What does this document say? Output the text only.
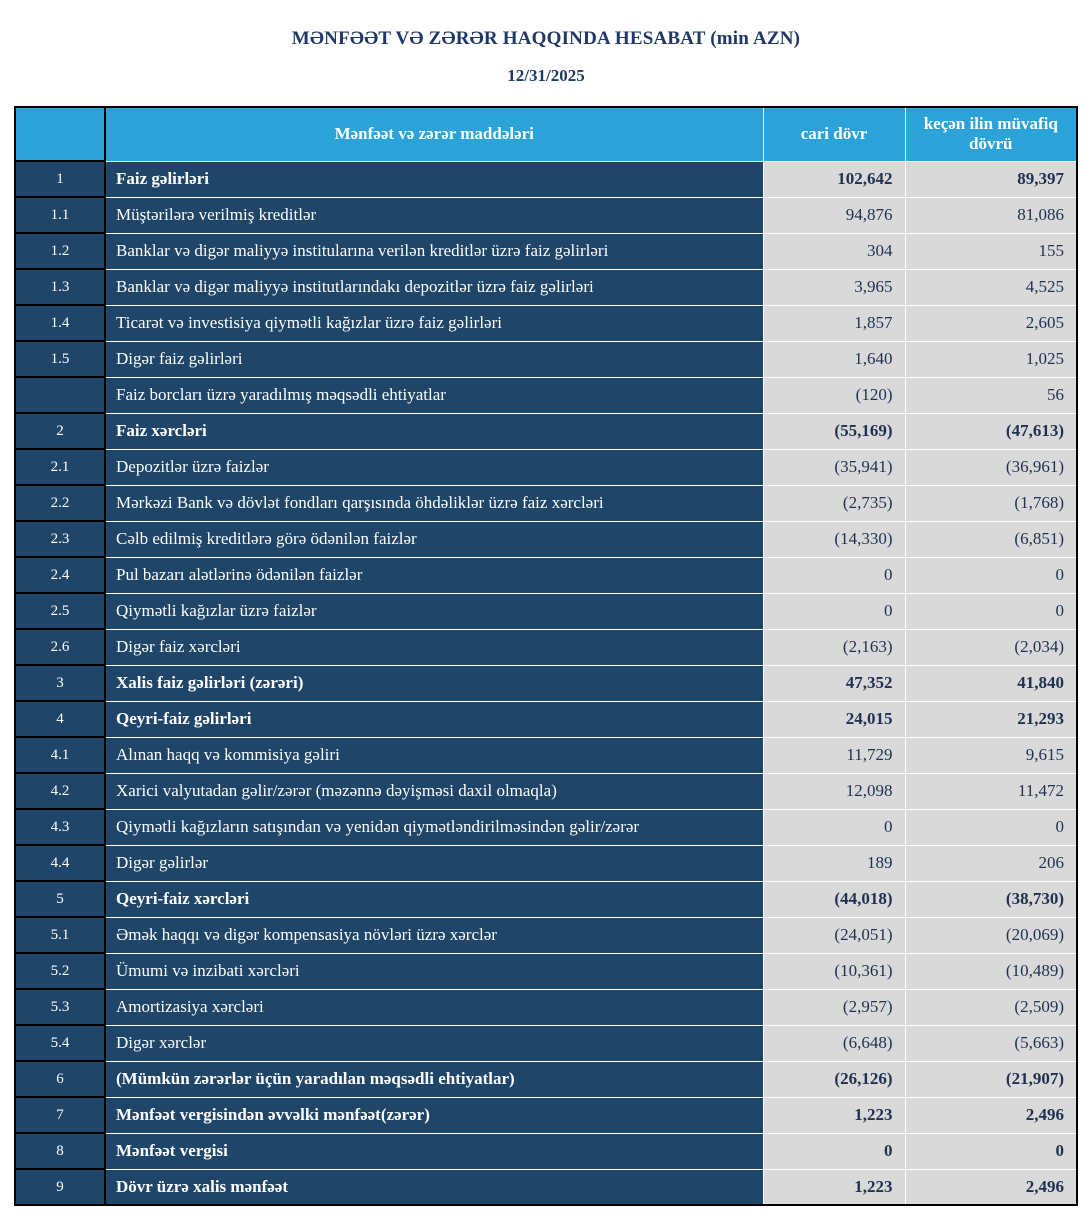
MƏNFƏƏT VƏ ZƏRƏR HAQQINDA HESABAT (min AZN)
12/31/2025
	Mənfəət və zərər maddələri	cari dövr	keçən ilin müvafiq dövrü
1	Faiz gəlirləri	102,642	89,397
1.1	Müştərilərə verilmiş kreditlər	94,876	81,086
1.2	Banklar və digər maliyyə institularına verilən kreditlər üzrə faiz gəlirləri	304	155
1.3	Banklar və digər maliyyə institutlarındakı depozitlər üzrə faiz gəlirləri	3,965	4,525
1.4	Ticarət və investisiya qiymətli kağızlar üzrə faiz gəlirləri	1,857	2,605
1.5	Digər faiz gəlirləri	1,640	1,025
	Faiz borcları üzrə yaradılmış məqsədli ehtiyatlar	(120)	56
2	Faiz xərcləri	(55,169)	(47,613)
2.1	Depozitlər üzrə faizlər	(35,941)	(36,961)
2.2	Mərkəzi Bank və dövlət fondları qarşısında öhdəliklər üzrə faiz xərcləri	(2,735)	(1,768)
2.3	Cəlb edilmiş kreditlərə görə ödənilən faizlər	(14,330)	(6,851)
2.4	Pul bazarı alətlərinə ödənilən faizlər	0	0
2.5	Qiymətli kağızlar üzrə faizlər	0	0
2.6	Digər faiz xərcləri	(2,163)	(2,034)
3	Xalis faiz gəlirləri (zərəri)	47,352	41,840
4	Qeyri-faiz gəlirləri	24,015	21,293
4.1	Alınan haqq və kommisiya gəliri	11,729	9,615
4.2	Xarici valyutadan gəlir/zərər (məzənnə dəyişməsi daxil olmaqla)	12,098	11,472
4.3	Qiymətli kağızların satışından və yenidən qiymətləndirilməsindən gəlir/zərər	0	0
4.4	Digər gəlirlər	189	206
5	Qeyri-faiz xərcləri	(44,018)	(38,730)
5.1	Əmək haqqı və digər kompensasiya növləri üzrə xərclər	(24,051)	(20,069)
5.2	Ümumi və inzibati xərcləri	(10,361)	(10,489)
5.3	Amortizasiya xərcləri	(2,957)	(2,509)
5.4	Digər xərclər	(6,648)	(5,663)
6	(Mümkün zərərlər üçün yaradılan məqsədli ehtiyatlar)	(26,126)	(21,907)
7	Mənfəət vergisindən əvvəlki mənfəət(zərər)	1,223	2,496
8	Mənfəət vergisi	0	0
9	Dövr üzrə xalis mənfəət	1,223	2,496
